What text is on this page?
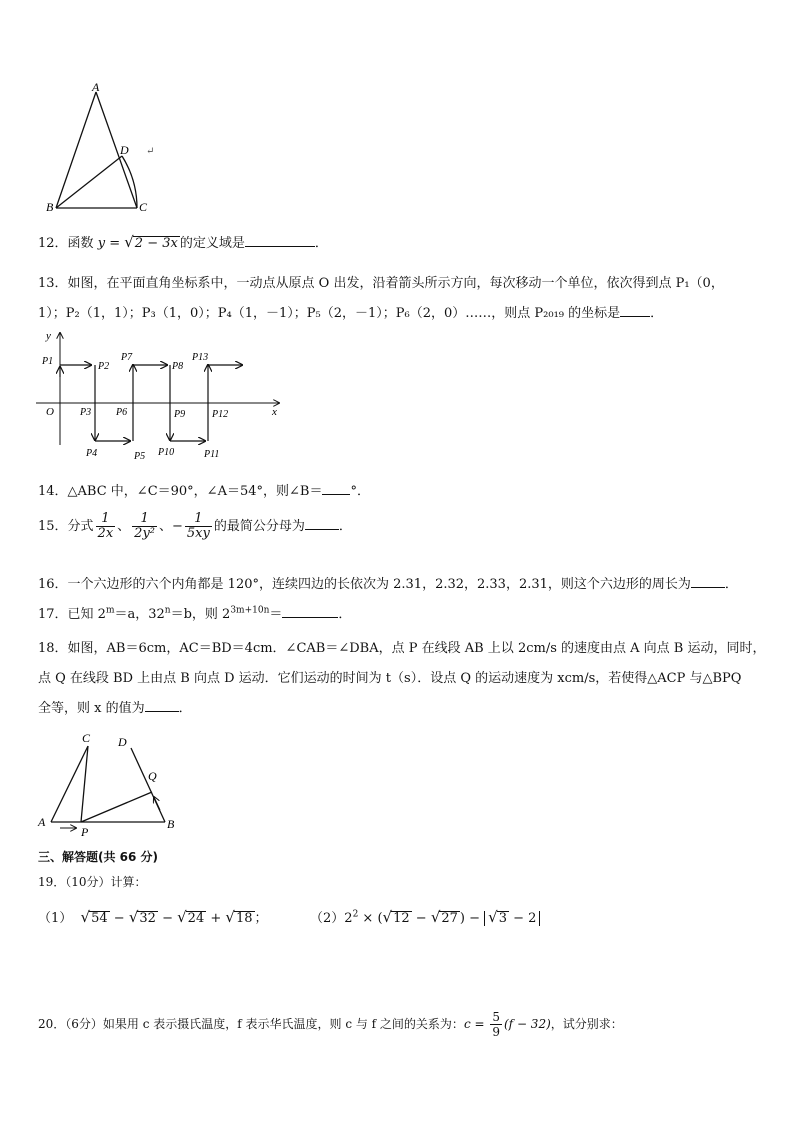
A
D
B	C
↵
12．函数 y = √2 − 3x 的定义域是	．
13．如图，在平面直角坐标系中，一动点从原点 O 出发，沿着箭头所示方向，每次移动一个单位，依次得到点 P₁（0，
1）；P₂（1，1）；P₃（1，0）；P₄（1，－1）；P₅（2，－1）；P₆（2，0）……，则点 P₂₀₁₉ 的坐标是 ．
y
x
O
P1	P2
P3
P4	P5
P6
P7
P8
P9
P10	P11
P12
P13
14．△ABC 中，∠C＝90°，∠A＝54°，则∠B＝ °．
15．分式 $\frac{1}{2x}$ 、 $\frac{1}{\text{2y²}}$ 、− $\frac{1}{5xy}$ 的最简公分母为	．
16．一个六边形的六个内角都是 120°，连续四边的长依次为 2.31，2.32，2.33，2.31，则这个六边形的周长为	．
17．已知 $2^m=a$，$32^n=b$，则 $2^{3m+10n}=$	．
18．如图，AB＝6cm，AC＝BD＝4cm．∠CAB＝∠DBA，点 P 在线段 AB 上以 2cm/s 的速度由点 A 向点 B 运动，同时，
点 Q 在线段 BD 上由点 B 向点 D 运动．它们运动的时间为 t（s）．设点 Q 的运动速度为 xcm/s，若使得△ACP 与△BPQ
全等，则 x 的值为	．
C D
Q
A	B
P
三、解答题(共 66 分)
19．（10分）计算：
（1） √54 − √32 − √24 + √18 ；	$(2)2^2 \times (√12 - √27$ ) − √3 − 2
20．（6分）如果用 c 表示摄氏温度，f 表示华氏温度，则 c 与 f 之间的关系为：$c = \frac{5}{9} (f - 32)$，试分别求：
